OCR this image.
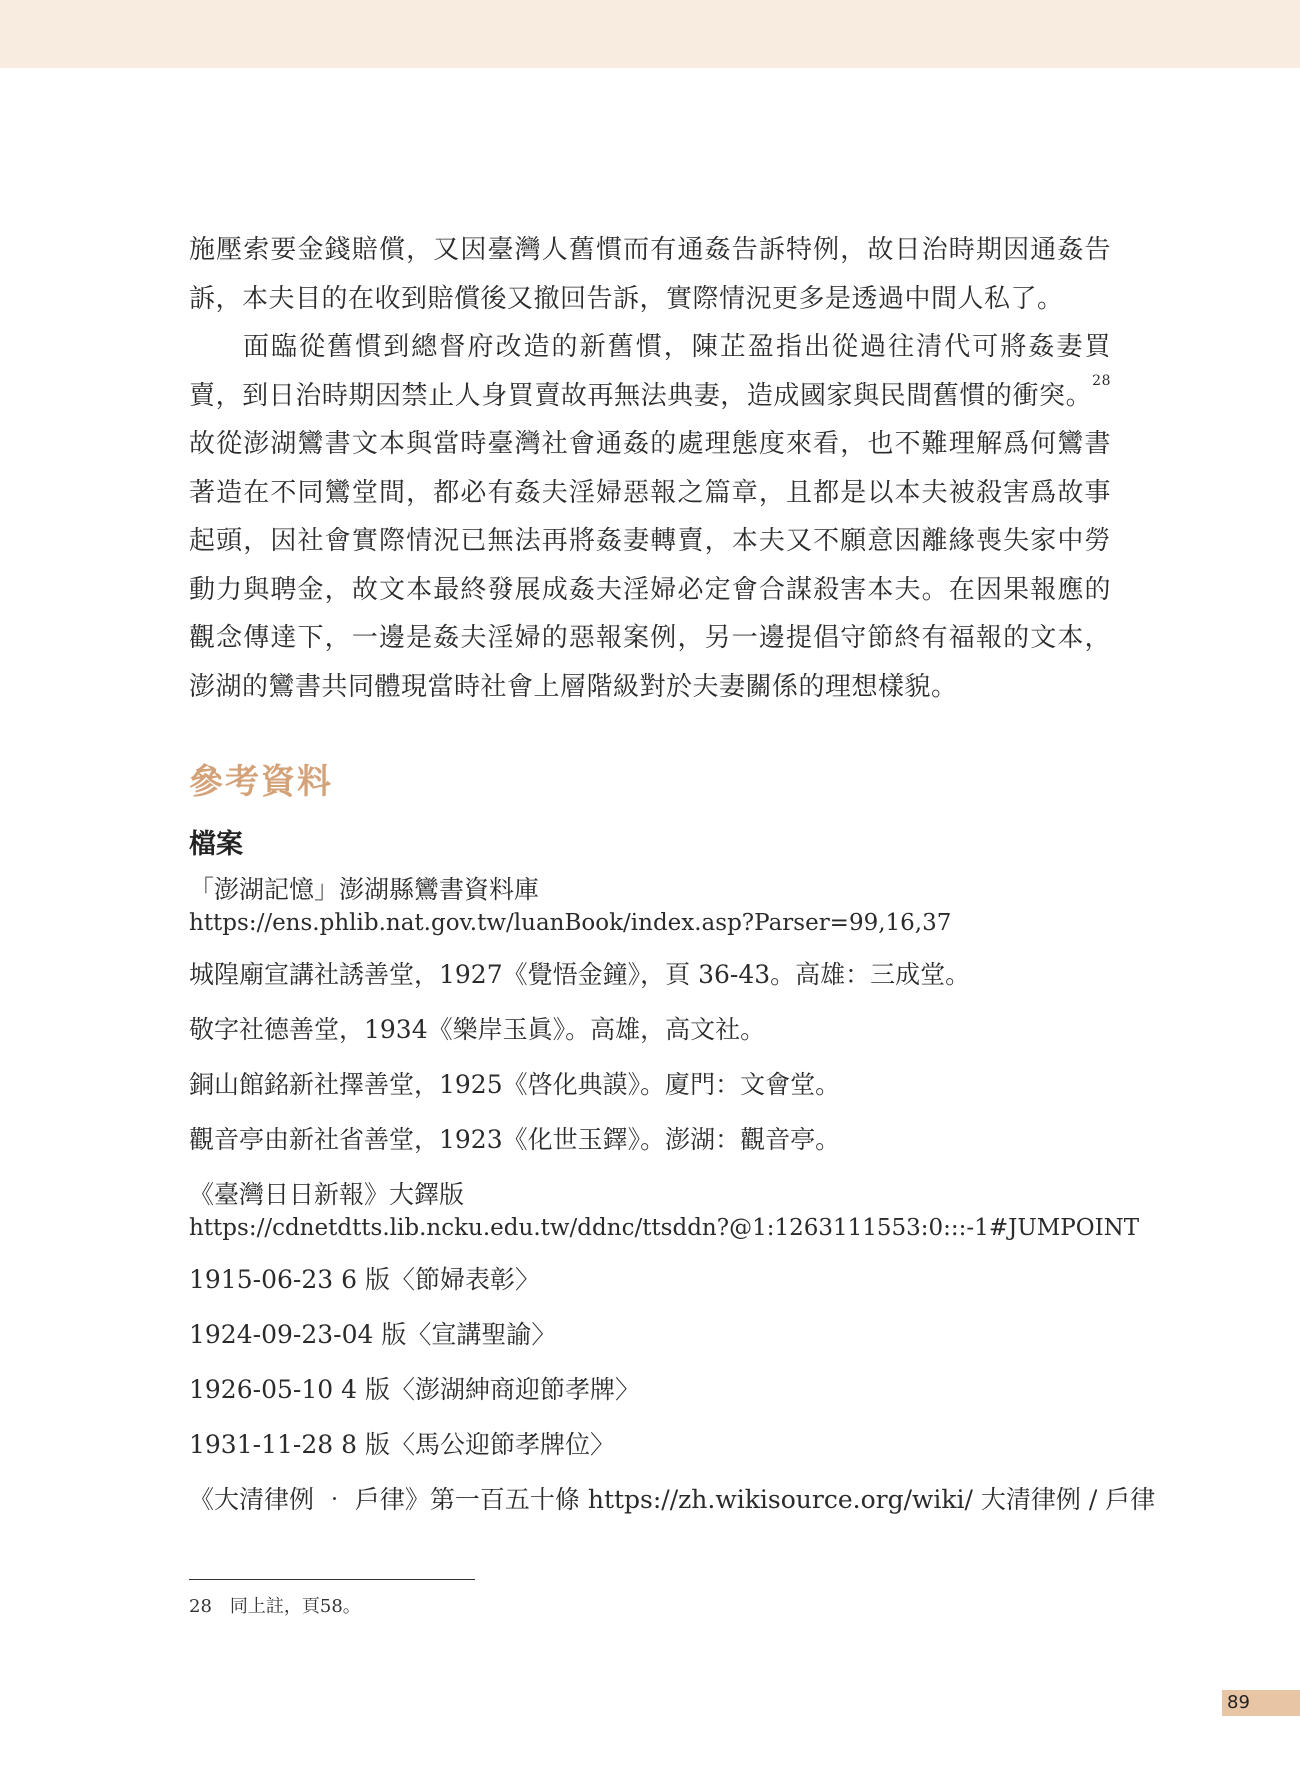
施壓索要金錢賠償，又因臺灣人舊慣而有通姦告訴特例，故日治時期因通姦告訴，本夫目的在收到賠償後又撤回告訴，實際情況更多是透過中間人私了。

面臨從舊慣到總督府改造的新舊慣，陳芷盈指出從過往清代可將姦妻買賣，到日治時期因禁止人身買賣故再無法典妻，造成國家與民間舊慣的衝突。$^{28}$故從澎湖鸞書文本與當時臺灣社會通姦的處理態度來看，也不難理解爲何鸞書著造在不同鸞堂間，都必有姦夫淫婦惡報之篇章，且都是以本夫被殺害爲故事起頭，因社會實際情況已無法再將姦妻轉賣，本夫又不願意因離緣喪失家中勞動力與聘金，故文本最終發展成姦夫淫婦必定會合謀殺害本夫。在因果報應的觀念傳達下，一邊是姦夫淫婦的惡報案例，另一邊提倡守節終有福報的文本，澎湖的鸞書共同體現當時社會上層階級對於夫妻關係的理想樣貌。

參考資料
檔案

「澎湖記憶」澎湖縣鸞書資料庫

https://ens.phlib.nat.gov.tw/luanBook/index.asp?Parser=99,16,37

城隍廟宣講社誘善堂，1927《覺悟金鐘》，頁 36-43。高雄：三成堂。

敬字社德善堂，1934《樂岸玉眞》。高雄，高文社。

銅山館銘新社擇善堂，1925《啓化典謨》。廈門：文會堂。

觀音亭由新社省善堂，1923《化世玉鐸》。澎湖：觀音亭。

《臺灣日日新報》大鐸版

https://cdnetdtts.lib.ncku.edu.tw/ddnc/ttsddn?@1:1263111553:0:::-1#JUMPOINT

1915-06-23 6 版〈節婦表彰〉

1924-09-23-04 版〈宣講聖諭〉

1926-05-10 4 版〈澎湖紳商迎節孝牌〉

1931-11-28 8 版〈馬公迎節孝牌位〉

《大清律例 ‧ 戶律》第一百五十條 https://zh.wikisource.org/wiki/ 大清律例 / 戶律

28 同上註，頁58。
89
